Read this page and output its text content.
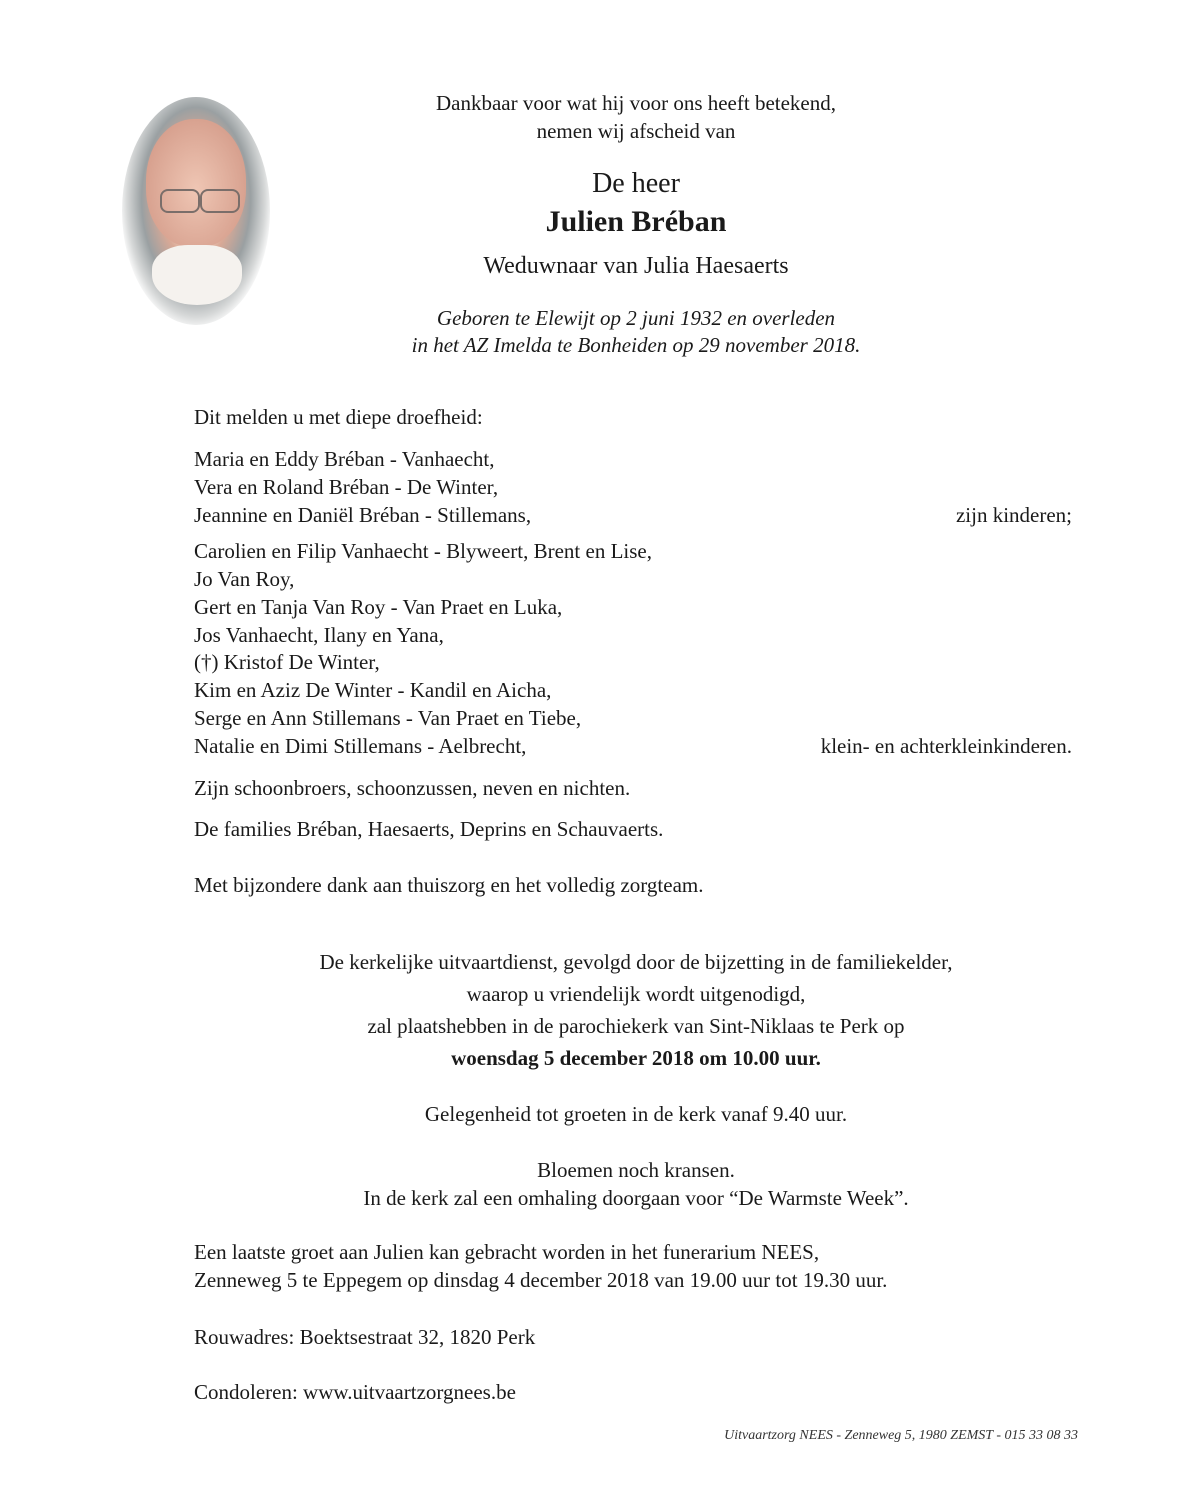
Dankbaar voor wat hij voor ons heeft betekend,
nemen wij afscheid van
De heer
Julien Bréban
Weduwnaar van Julia Haesaerts
Geboren te Elewijt op 2 juni 1932 en overleden
in het AZ Imelda te Bonheiden op 29 november 2018.
Dit melden u met diepe droefheid:
Maria en Eddy Bréban - Vanhaecht,
Vera en Roland Bréban - De Winter,
Jeannine en Daniël Bréban - Stillemans,	zijn kinderen;
Carolien en Filip Vanhaecht - Blyweert, Brent en Lise,
Jo Van Roy,
Gert en Tanja Van Roy - Van Praet en Luka,
Jos Vanhaecht, Ilany en Yana,
(†) Kristof De Winter,
Kim en Aziz De Winter - Kandil en Aicha,
Serge en Ann Stillemans - Van Praet en Tiebe,
Natalie en Dimi Stillemans - Aelbrecht,	klein- en achterkleinkinderen.
Zijn schoonbroers, schoonzussen, neven en nichten.
De families Bréban, Haesaerts, Deprins en Schauvaerts.
Met bijzondere dank aan thuiszorg en het volledig zorgteam.
De kerkelijke uitvaartdienst, gevolgd door de bijzetting in de familiekelder,
waarop u vriendelijk wordt uitgenodigd,
zal plaatshebben in de parochiekerk van Sint-Niklaas te Perk op
woensdag 5 december 2018 om 10.00 uur.
Gelegenheid tot groeten in de kerk vanaf 9.40 uur.
Bloemen noch kransen.
In de kerk zal een omhaling doorgaan voor “De Warmste Week”.
Een laatste groet aan Julien kan gebracht worden in het funerarium NEES,
Zenneweg 5 te Eppegem op dinsdag 4 december 2018 van 19.00 uur tot 19.30 uur.
Rouwadres: Boektsestraat 32, 1820 Perk
Condoleren: www.uitvaartzorgnees.be
Uitvaartzorg NEES - Zenneweg 5, 1980 ZEMST - 015 33 08 33
